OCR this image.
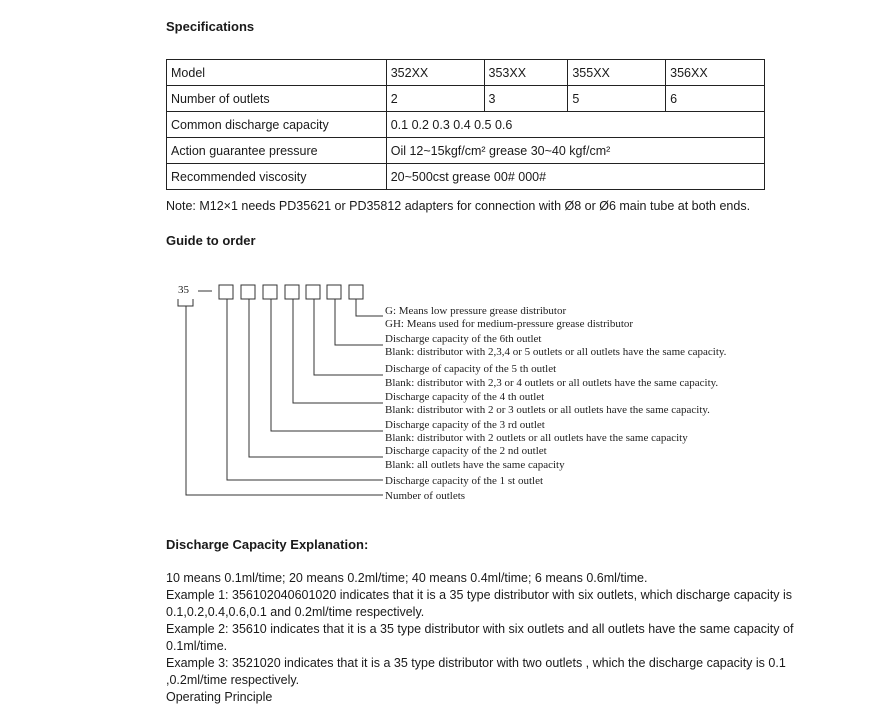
Specifications
Model	352XX	353XX	355XX	356XX
Number of outlets	2	3	5	6
Common discharge capacity	0.1 0.2 0.3 0.4 0.5 0.6			
Action guarantee pressure	Oil 12~15kgf/cm² grease 30~40 kgf/cm²			
Recommended viscosity	20~500cst grease 00# 000#			
Note: M12×1 needs PD35621 or PD35812 adapters for connection with Ø8 or Ø6 main tube at both ends.
Guide to order
35
G: Means low pressure grease distributor
GH: Means used for medium-pressure grease distributor
Discharge capacity of the 6th outlet
Blank: distributor with 2,3,4 or 5 outlets or all outlets have the same capacity.
Discharge of capacity of the 5 th outlet
Blank: distributor with 2,3 or 4 outlets or all outlets have the same capacity.
Discharge capacity of the 4 th outlet
Blank: distributor with 2 or 3 outlets or all outlets have the same capacity.
Discharge capacity of the 3 rd outlet
Blank: distributor with 2 outlets or all outlets have the same capacity
Discharge capacity of the 2 nd outlet
Blank: all outlets have the same capacity
Discharge capacity of the 1 st outlet
Number of outlets
Discharge Capacity Explanation:
10 means 0.1ml/time; 20 means 0.2ml/time; 40 means 0.4ml/time; 6 means 0.6ml/time.
Example 1: 356102040601020 indicates that it is a 35 type distributor with six outlets, which discharge capacity is 0.1,0.2,0.4,0.6,0.1 and 0.2ml/time respectively.
Example 2: 35610 indicates that it is a 35 type distributor with six outlets and all outlets have the same capacity of 0.1ml/time.
Example 3: 3521020 indicates that it is a 35 type distributor with two outlets , which the discharge capacity is 0.1 ,0.2ml/time respectively.
Operating Principle
